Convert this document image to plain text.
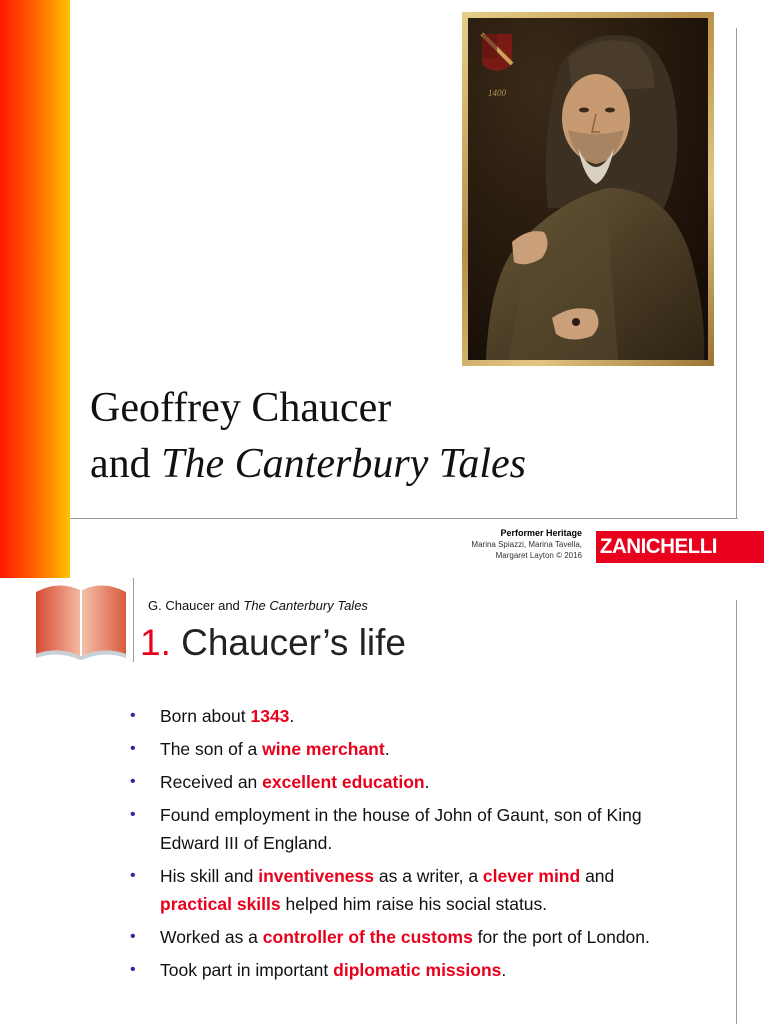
1400
Geoffrey Chaucer
and The Canterbury Tales
Performer Heritage
Marina Spiazzi, Marina Tavella,
Margaret Layton © 2016 ZANICHELLI
G. Chaucer and The Canterbury Tales
1. Chaucer’s life
• Born about 1343.
• The son of a wine merchant.
• Received an excellent education.
• Found employment in the house of John of Gaunt, son of King Edward III of England.
• His skill and inventiveness as a writer, a clever mind and practical skills helped him raise his social status.
• Worked as a controller of the customs for the port of London.
• Took part in important diplomatic missions.
